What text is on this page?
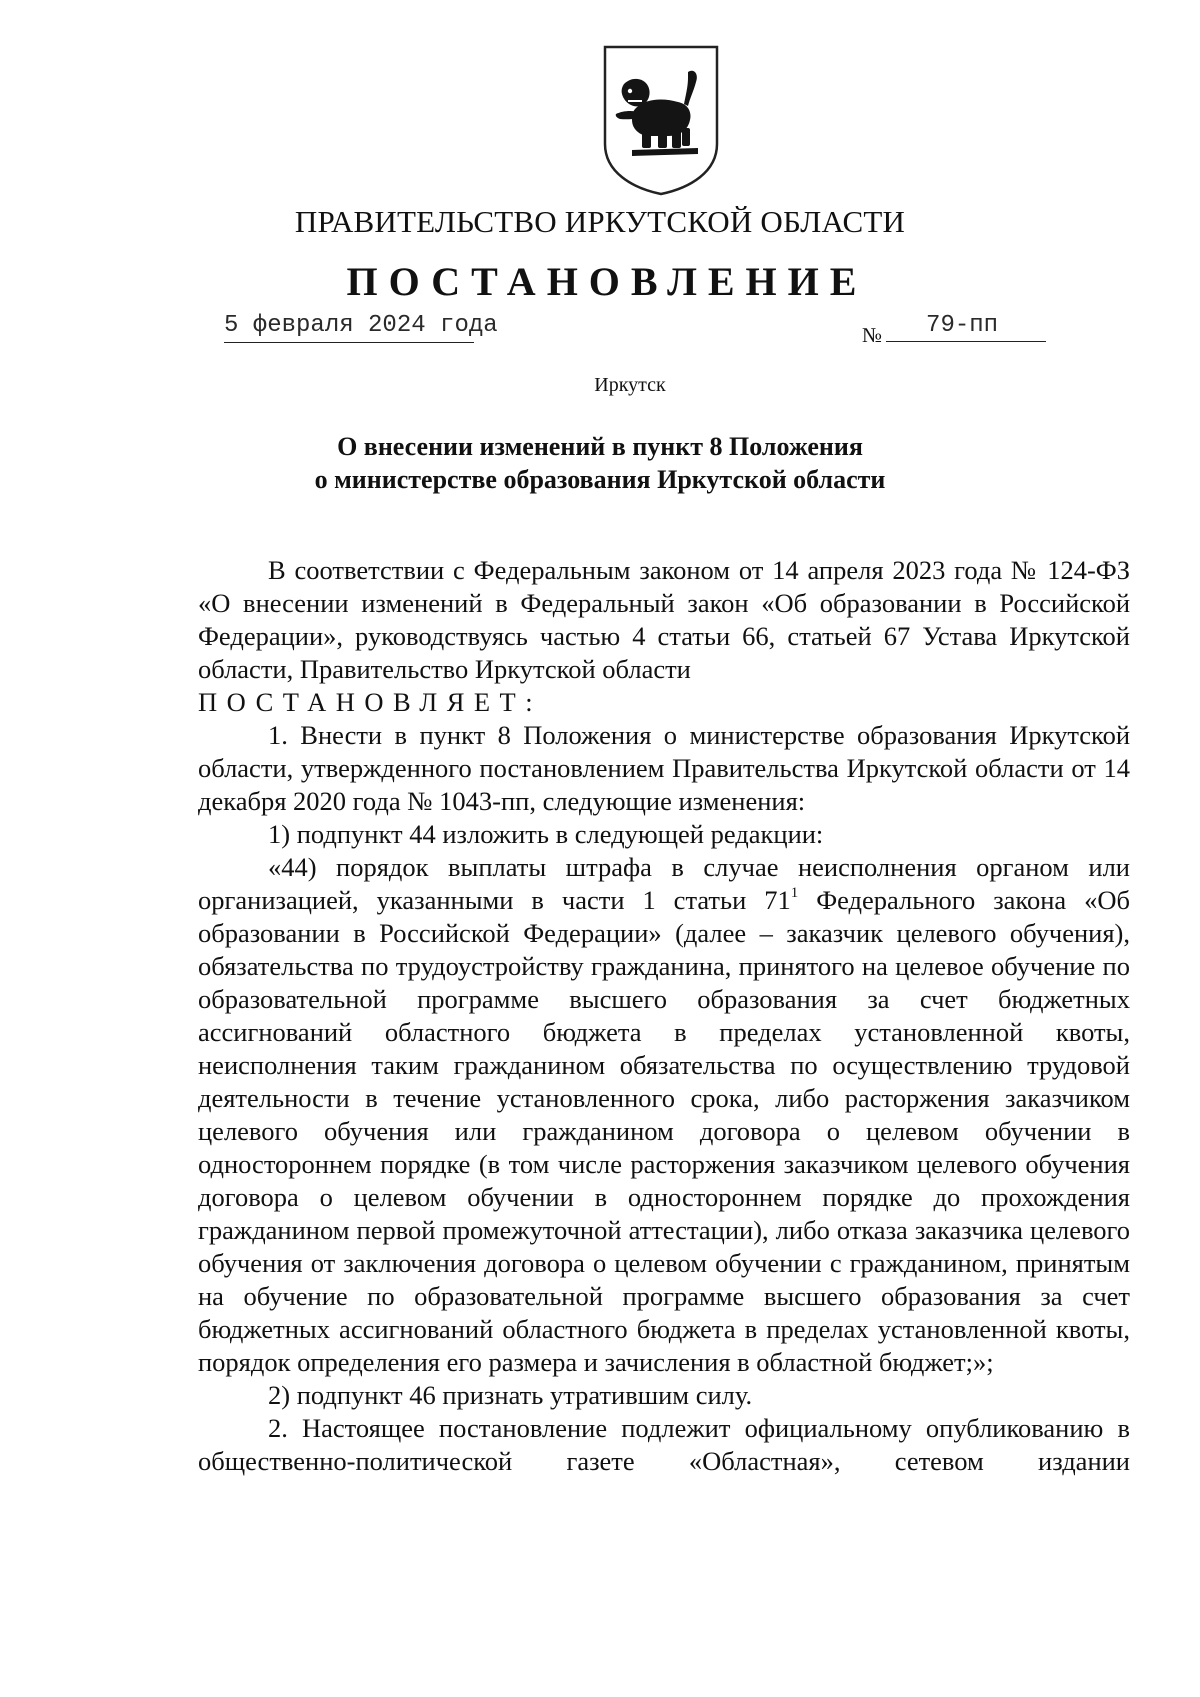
ПРАВИТЕЛЬСТВО ИРКУТСКОЙ ОБЛАСТИ
ПОСТАНОВЛЕНИЕ
5 февраля 2024 года	№ 79-пп
Иркутск
О внесении изменений в пункт 8 Положения
о министерстве образования Иркутской области

В соответствии с Федеральным законом от 14 апреля 2023 года № 124-ФЗ «О внесении изменений в Федеральный закон «Об образовании в Российской Федерации», руководствуясь частью 4 статьи 66, статьей 67 Устава Иркутской области, Правительство Иркутской области

ПОСТАНОВЛЯЕТ:

1. Внести в пункт 8 Положения о министерстве образования Иркутской области, утвержденного постановлением Правительства Иркутской области от 14 декабря 2020 года № 1043-пп, следующие изменения:

1) подпункт 44 изложить в следующей редакции:

«44) порядок выплаты штрафа в случае неисполнения органом или организацией, указанными в части 1 статьи $71^1$ Федерального закона «Об образовании в Российской Федерации» (далее – заказчик целевого обучения), обязательства по трудоустройству гражданина, принятого на целевое обучение по образовательной программе высшего образования за счет бюджетных ассигнований областного бюджета в пределах установленной квоты, неисполнения таким гражданином обязательства по осуществлению трудовой деятельности в течение установленного срока, либо расторжения заказчиком целевого обучения или гражданином договора о целевом обучении в одностороннем порядке (в том числе расторжения заказчиком целевого обучения договора о целевом обучении в одностороннем порядке до прохождения гражданином первой промежуточной аттестации), либо отказа заказчика целевого обучения от заключения договора о целевом обучении с гражданином, принятым на обучение по образовательной программе высшего образования за счет бюджетных ассигнований областного бюджета в пределах установленной квоты, порядок определения его размера и зачисления в областной бюджет;»;

2) подпункт 46 признать утратившим силу.

2. Настоящее постановление подлежит официальному опубликованию в общественно-политической газете «Областная», сетевом издании
